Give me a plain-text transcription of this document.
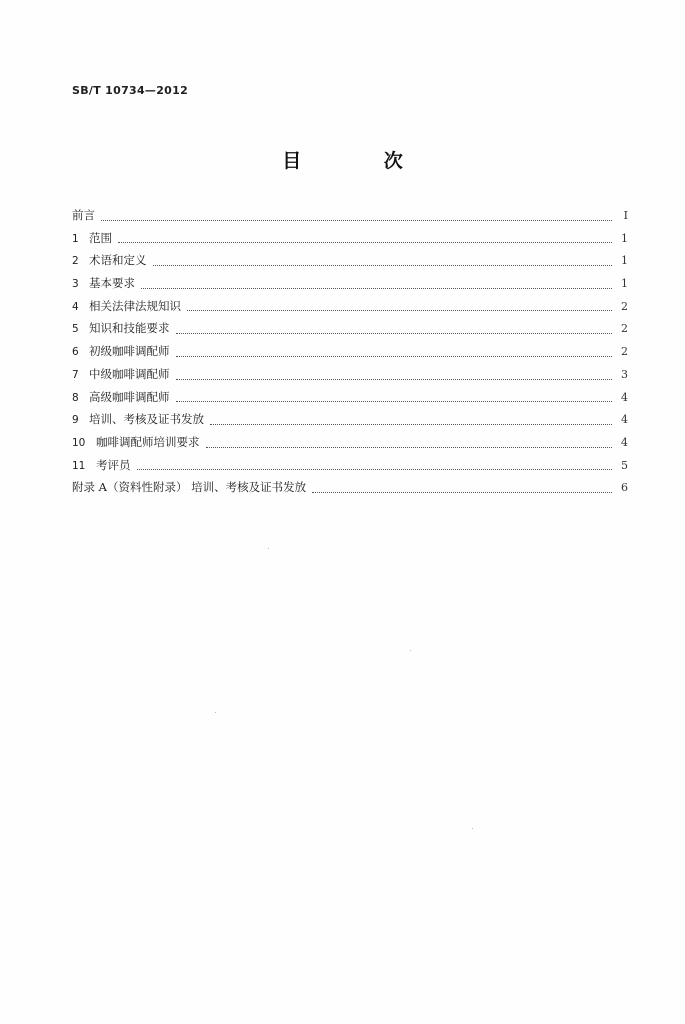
SB/T 10734—2012
目 次
前言	Ⅰ
1 范围	1
2 术语和定义	1
3 基本要求	1
4 相关法律法规知识	2
5 知识和技能要求	2
6 初级咖啡调配师	2
7 中级咖啡调配师	3
8 高级咖啡调配师	4
9 培训、考核及证书发放	4
10 咖啡调配师培训要求	4
11 考评员	5
附录 A（资料性附录） 培训、考核及证书发放	6
